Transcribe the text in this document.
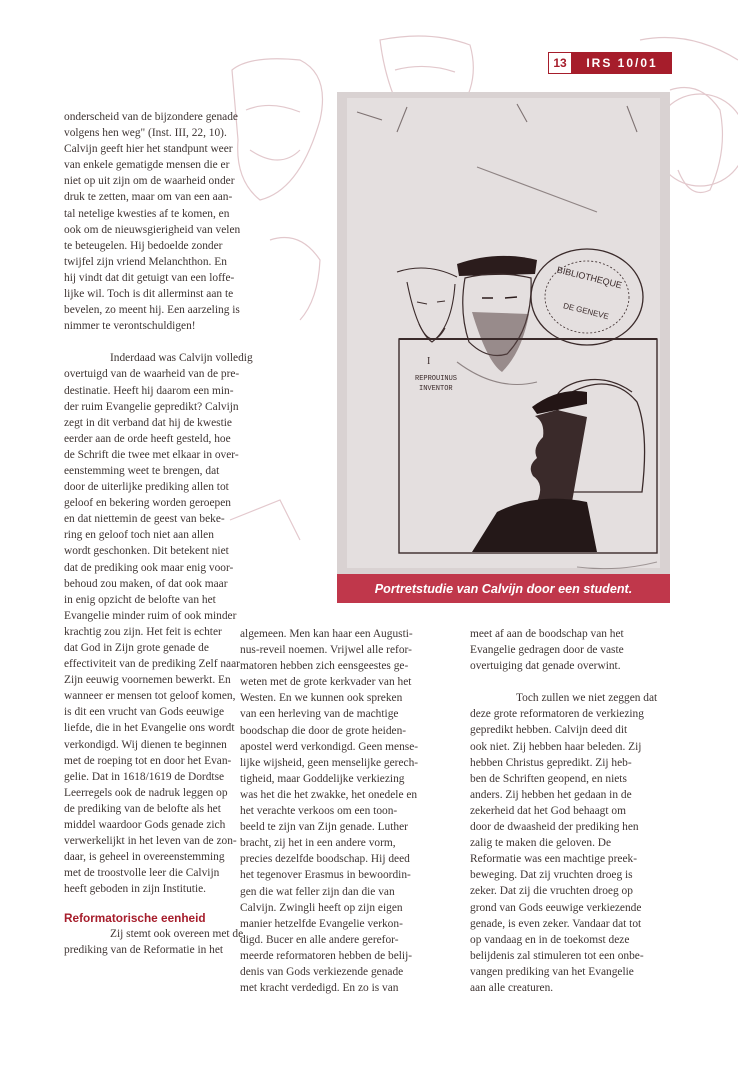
13	IRS 10/01
BIBLIOTHEQUE
DE GENEVE
I
REPROUINUS
INVENTOR
Portretstudie van Calvijn door een student.

onderscheid van de bijzondere genade

volgens hen weg" (Inst. III, 22, 10).

Calvijn geeft hier het standpunt weer

van enkele gematigde mensen die er

niet op uit zijn om de waarheid onder

druk te zetten, maar om van een aan-

tal netelige kwesties af te komen, en

ook om de nieuwsgierigheid van velen

te beteugelen. Hij bedoelde zonder

twijfel zijn vriend Melanchthon. En

hij vindt dat dit getuigt van een loffe-

lijke wil. Toch is dit allerminst aan te

bevelen, zo meent hij. Een aarzeling is

nimmer te verontschuldigen!

Inderdaad was Calvijn volledig

overtuigd van de waarheid van de pre-

destinatie. Heeft hij daarom een min-

der ruim Evangelie gepredikt? Calvijn

zegt in dit verband dat hij de kwestie

eerder aan de orde heeft gesteld, hoe

de Schrift die twee met elkaar in over-

eenstemming weet te brengen, dat

door de uiterlijke prediking allen tot

geloof en bekering worden geroepen

en dat niettemin de geest van beke-

ring en geloof toch niet aan allen

wordt geschonken. Dit betekent niet

dat de prediking ook maar enig voor-

behoud zou maken, of dat ook maar

in enig opzicht de belofte van het

Evangelie minder ruim of ook minder

krachtig zou zijn. Het feit is echter

dat God in Zijn grote genade de

effectiviteit van de prediking Zelf naar

Zijn eeuwig voornemen bewerkt. En

wanneer er mensen tot geloof komen,

is dit een vrucht van Gods eeuwige

liefde, die in het Evangelie ons wordt

verkondigd. Wij dienen te beginnen

met de roeping tot en door het Evan-

gelie. Dat in 1618/1619 de Dordtse

Leerregels ook de nadruk leggen op

de prediking van de belofte als het

middel waardoor Gods genade zich

verwerkelijkt in het leven van de zon-

daar, is geheel in overeenstemming

met de troostvolle leer die Calvijn

heeft geboden in zijn Institutie.

Reformatorische eenheid

Zij stemt ook overeen met de

prediking van de Reformatie in het

algemeen. Men kan haar een Augusti-

nus-reveil noemen. Vrijwel alle refor-

matoren hebben zich eensgeestes ge-

weten met de grote kerkvader van het

Westen. En we kunnen ook spreken

van een herleving van de machtige

boodschap die door de grote heiden-

apostel werd verkondigd. Geen mense-

lijke wijsheid, geen menselijke gerech-

tigheid, maar Goddelijke verkiezing

was het die het zwakke, het onedele en

het verachte verkoos om een toon-

beeld te zijn van Zijn genade. Luther

bracht, zij het in een andere vorm,

precies dezelfde boodschap. Hij deed

het tegenover Erasmus in bewoordin-

gen die wat feller zijn dan die van

Calvijn. Zwingli heeft op zijn eigen

manier hetzelfde Evangelie verkon-

digd. Bucer en alle andere gerefor-

meerde reformatoren hebben de belij-

denis van Gods verkiezende genade

met kracht verdedigd. En zo is van

meet af aan de boodschap van het

Evangelie gedragen door de vaste

overtuiging dat genade overwint.

Toch zullen we niet zeggen dat

deze grote reformatoren de verkiezing

gepredikt hebben. Calvijn deed dit

ook niet. Zij hebben haar beleden. Zij

hebben Christus gepredikt. Zij heb-

ben de Schriften geopend, en niets

anders. Zij hebben het gedaan in de

zekerheid dat het God behaagt om

door de dwaasheid der prediking hen

zalig te maken die geloven. De

Reformatie was een machtige preek-

beweging. Dat zij vruchten droeg is

zeker. Dat zij die vruchten droeg op

grond van Gods eeuwige verkiezende

genade, is even zeker. Vandaar dat tot

op vandaag en in de toekomst deze

belijdenis zal stimuleren tot een onbe-

vangen prediking van het Evangelie

aan alle creaturen.
